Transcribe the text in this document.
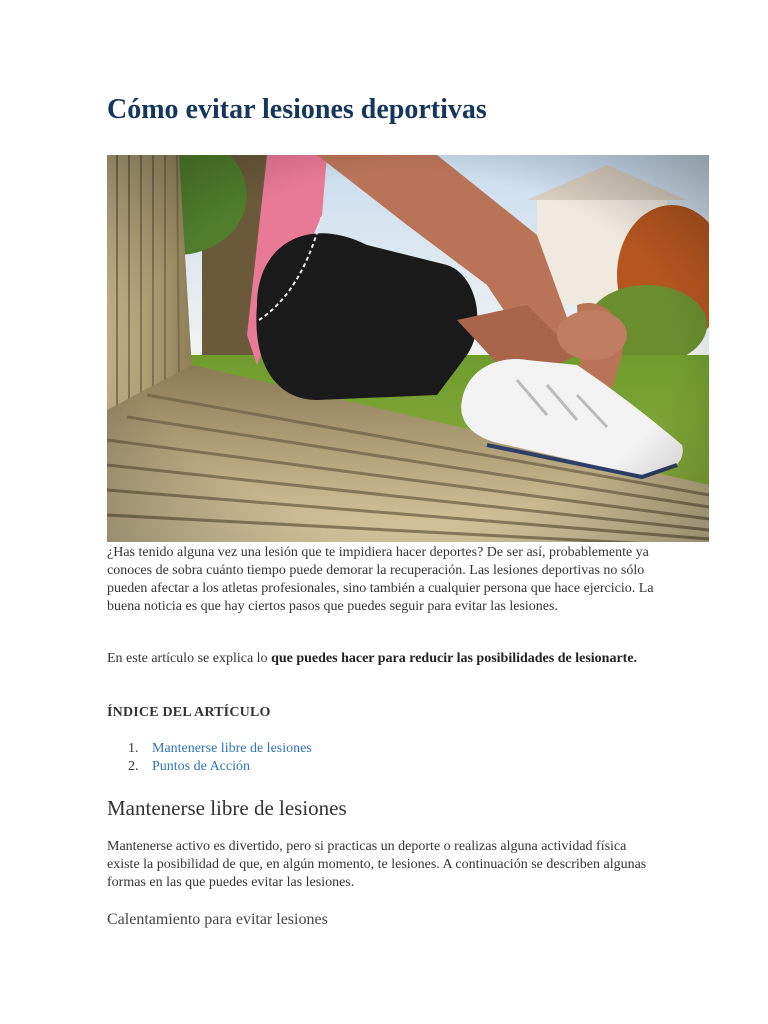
Cómo evitar lesiones deportivas

¿Has tenido alguna vez una lesión que te impidiera hacer deportes? De ser así, probablemente ya conoces de sobra cuánto tiempo puede demorar la recuperación. Las lesiones deportivas no sólo pueden afectar a los atletas profesionales, sino también a cualquier persona que hace ejercicio. La buena noticia es que hay ciertos pasos que puedes seguir para evitar las lesiones.

En este artículo se explica lo que puedes hacer para reducir las posibilidades de lesionarte.

ÍNDICE DEL ARTÍCULO
1. Mantenerse libre de lesiones
2. Puntos de Acción
Mantenerse libre de lesiones

Mantenerse activo es divertido, pero si practicas un deporte o realizas alguna actividad física existe la posibilidad de que, en algún momento, te lesiones. A continuación se describen algunas formas en las que puedes evitar las lesiones.

Calentamiento para evitar lesiones
